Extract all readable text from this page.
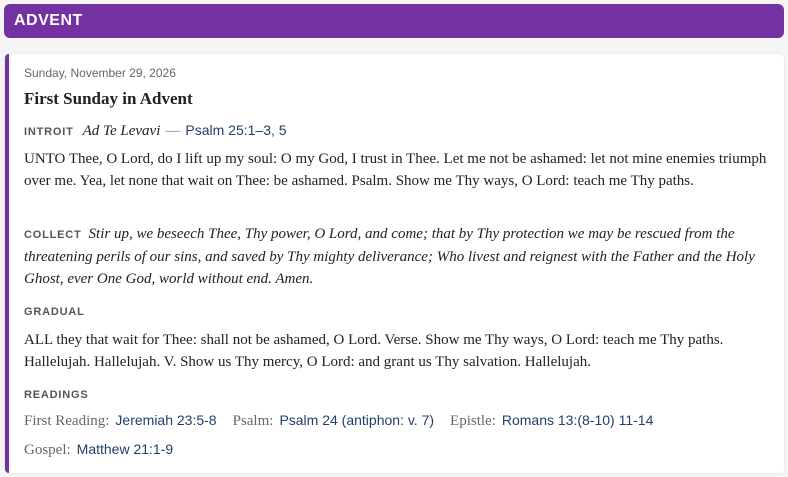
ADVENT
Sunday, November 29, 2026
First Sunday in Advent
INTROIT Ad Te Levavi — Psalm 25:1–3, 5
UNTO Thee, O Lord, do I lift up my soul: O my God, I trust in Thee. Let me not be ashamed: let not mine enemies triumph over me. Yea, let none that wait on Thee: be ashamed. Psalm. Show me Thy ways, O Lord: teach me Thy paths.
COLLECT Stir up, we beseech Thee, Thy power, O Lord, and come; that by Thy protection we may be rescued from the threatening perils of our sins, and saved by Thy mighty deliverance; Who livest and reignest with the Father and the Holy Ghost, ever One God, world without end. Amen.
GRADUAL
ALL they that wait for Thee: shall not be ashamed, O Lord. Verse. Show me Thy ways, O Lord: teach me Thy paths. Hallelujah. Hallelujah. V. Show us Thy mercy, O Lord: and grant us Thy salvation. Hallelujah.
READINGS
First Reading: Jeremiah 23:5-8 Psalm: Psalm 24 (antiphon: v. 7) Epistle: Romans 13:(8-10) 11-14
Gospel: Matthew 21:1-9
